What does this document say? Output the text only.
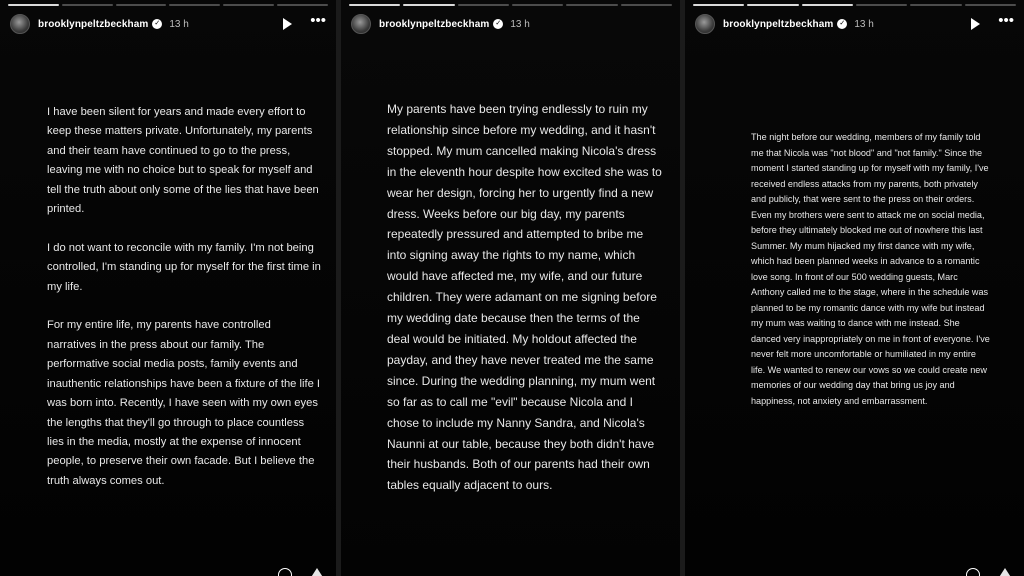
brooklynpeltzbeckham ✓ 13 h	•••
I have been silent for years and made every effort to keep these matters private. Unfortunately, my parents and their team have continued to go to the press, leaving me with no choice but to speak for myself and tell the truth about only some of the lies that have been printed.

I do not want to reconcile with my family. I'm not being controlled, I'm standing up for myself for the first time in my life.

For my entire life, my parents have controlled narratives in the press about our family. The performative social media posts, family events and inauthentic relationships have been a fixture of the life I was born into. Recently, I have seen with my own eyes the lengths that they'll go through to place countless lies in the media, mostly at the expense of innocent people, to preserve their own facade. But I believe the truth always comes out.
brooklynpeltzbeckham ✓ 13 h
My parents have been trying endlessly to ruin my relationship since before my wedding, and it hasn't stopped. My mum cancelled making Nicola's dress in the eleventh hour despite how excited she was to wear her design, forcing her to urgently find a new dress. Weeks before our big day, my parents repeatedly pressured and attempted to bribe me into signing away the rights to my name, which would have affected me, my wife, and our future children. They were adamant on me signing before my wedding date because then the terms of the deal would be initiated. My holdout affected the payday, and they have never treated me the same since. During the wedding planning, my mum went so far as to call me "evil" because Nicola and I chose to include my Nanny Sandra, and Nicola's Naunni at our table, because they both didn't have their husbands. Both of our parents had their own tables equally adjacent to ours.
brooklynpeltzbeckham ✓ 13 h	•••
The night before our wedding, members of my family told me that Nicola was "not blood" and "not family." Since the moment I started standing up for myself with my family, I've received endless attacks from my parents, both privately and publicly, that were sent to the press on their orders. Even my brothers were sent to attack me on social media, before they ultimately blocked me out of nowhere this last Summer. My mum hijacked my first dance with my wife, which had been planned weeks in advance to a romantic love song. In front of our 500 wedding guests, Marc Anthony called me to the stage, where in the schedule was planned to be my romantic dance with my wife but instead my mum was waiting to dance with me instead. She danced very inappropriately on me in front of everyone. I've never felt more uncomfortable or humiliated in my entire life. We wanted to renew our vows so we could create new memories of our wedding day that bring us joy and happiness, not anxiety and embarrassment.
